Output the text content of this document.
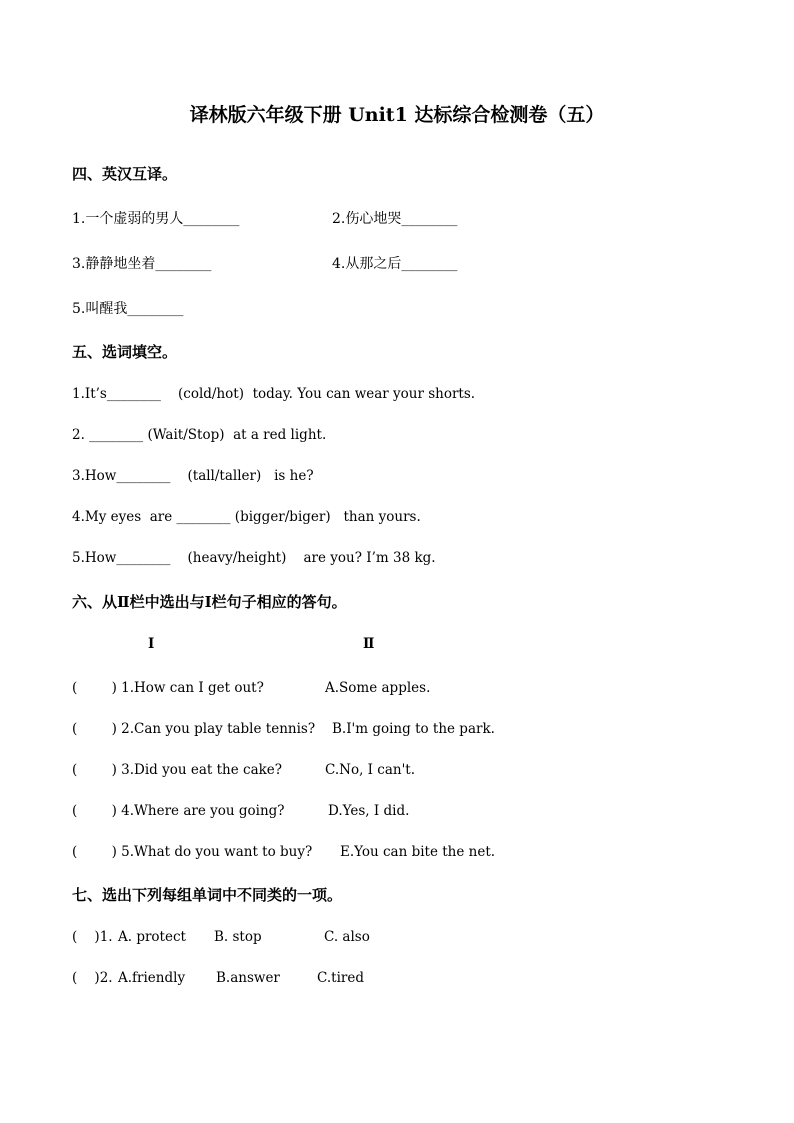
译林版六年级下册 Unit1 达标综合检测卷（五）
四、英汉互译。
1.一个虚弱的男人________	2.伤心地哭________
3.静静地坐着________	4.从那之后________
5.叫醒我________
五、选词填空。
1.It’s________    (cold/hot)  today. You can wear your shorts.
2. ________ (Wait/Stop)  at a red light.
3.How________    (tall/taller)   is he?
4.My eyes  are ________ (bigger/biger)   than yours.
5.How________    (heavy/height)    are you? I’m 38 kg.
六、从Ⅱ栏中选出与Ⅰ栏句子相应的答句。
Ⅰ	Ⅱ
(        ) 1.How can I get out?	A.Some apples.
(        ) 2.Can you play table tennis? B.I'm going to the park.
(        ) 3.Did you eat the cake?	C.No, I can't.
(        ) 4.Where are you going?	D.Yes, I did.
(        ) 5.What do you want to buy? E.You can bite the net.
七、选出下列每组单词中不同类的一项。
(    )1. A. protect B. stop	C. also
(    )2. A.friendly B.answer	C.tired
